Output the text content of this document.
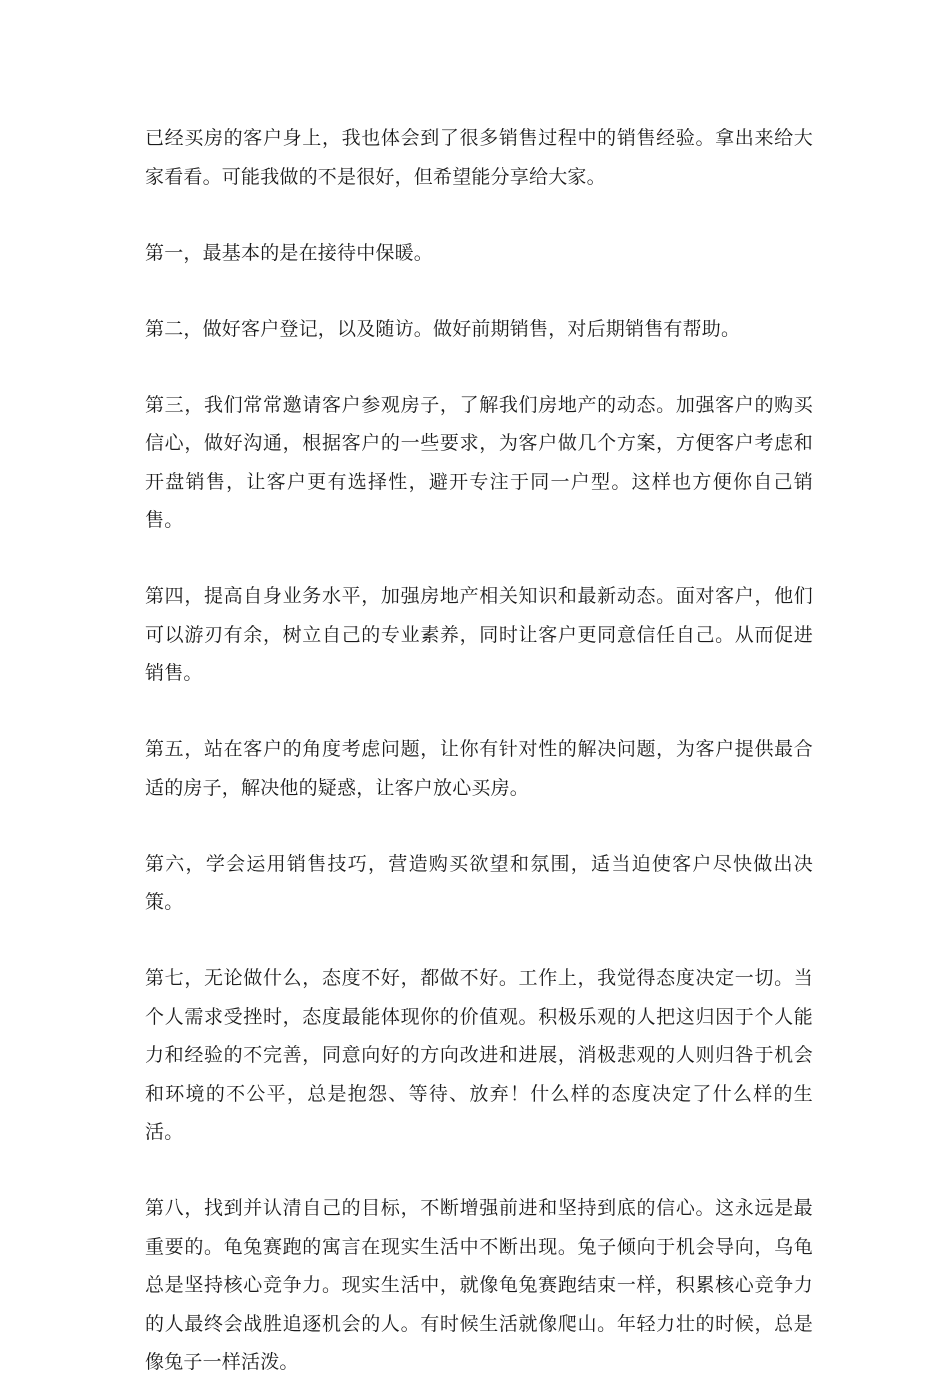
已经买房的客户身上，我也体会到了很多销售过程中的销售经验。拿出来给大家看看。可能我做的不是很好，但希望能分享给大家。

第一，最基本的是在接待中保暖。

第二，做好客户登记，以及随访。做好前期销售，对后期销售有帮助。

第三，我们常常邀请客户参观房子，了解我们房地产的动态。加强客户的购买信心，做好沟通，根据客户的一些要求，为客户做几个方案，方便客户考虑和开盘销售，让客户更有选择性，避开专注于同一户型。这样也方便你自己销售。

第四，提高自身业务水平，加强房地产相关知识和最新动态。面对客户，他们可以游刃有余，树立自己的专业素养，同时让客户更同意信任自己。从而促进销售。

第五，站在客户的角度考虑问题，让你有针对性的解决问题，为客户提供最合适的房子，解决他的疑惑，让客户放心买房。

第六，学会运用销售技巧，营造购买欲望和氛围，适当迫使客户尽快做出决策。

第七，无论做什么，态度不好，都做不好。工作上，我觉得态度决定一切。当个人需求受挫时，态度最能体现你的价值观。积极乐观的人把这归因于个人能力和经验的不完善，同意向好的方向改进和进展，消极悲观的人则归咎于机会和环境的不公平，总是抱怨、等待、放弃！什么样的态度决定了什么样的生活。

第八，找到并认清自己的目标，不断增强前进和坚持到底的信心。这永远是最重要的。龟兔赛跑的寓言在现实生活中不断出现。兔子倾向于机会导向，乌龟总是坚持核心竞争力。现实生活中，就像龟兔赛跑结束一样，积累核心竞争力的人最终会战胜追逐机会的人。有时候生活就像爬山。年轻力壮的时候，总是像兔子一样活泼。
